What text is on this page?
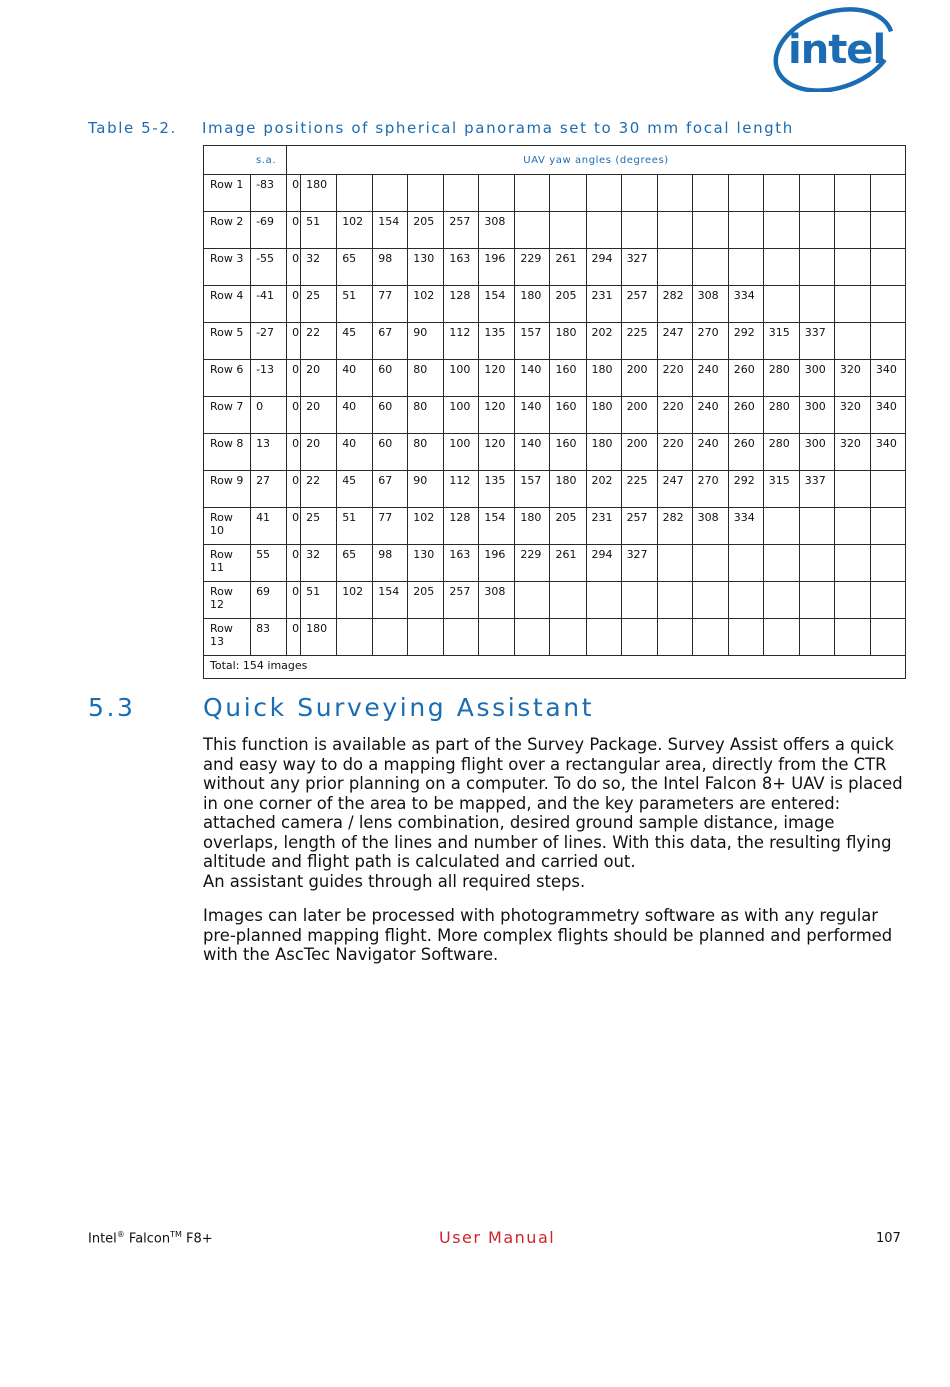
intel
Table 5-2. Image positions of spherical panorama set to 30 mm focal length
s.a.		UAV yaw angles (degrees)																	
Row 1	-83	0	180																
Row 2	-69	0	51	102	154	205	257	308											
Row 3	-55	0	32	65	98	130	163	196	229	261	294	327							
Row 4	-41	0	25	51	77	102	128	154	180	205	231	257	282	308	334				
Row 5	-27	0	22	45	67	90	112	135	157	180	202	225	247	270	292	315	337		
Row 6	-13	0	20	40	60	80	100	120	140	160	180	200	220	240	260	280	300	320	340
Row 7	0	0	20	40	60	80	100	120	140	160	180	200	220	240	260	280	300	320	340
Row 8	13	0	20	40	60	80	100	120	140	160	180	200	220	240	260	280	300	320	340
Row 9	27	0	22	45	67	90	112	135	157	180	202	225	247	270	292	315	337		
Row 10	41	0	25	51	77	102	128	154	180	205	231	257	282	308	334				
Row 11	55	0	32	65	98	130	163	196	229	261	294	327							
Row 12	69	0	51	102	154	205	257	308											
Row 13	83	0	180																
Total: 154 images																			
5.3	Quick Surveying Assistant
This function is available as part of the Survey Package. Survey Assist offers a quick and easy way to do a mapping flight over a rectangular area, directly from the CTR without any prior planning on a computer. To do so, the Intel Falcon 8+ UAV is placed in one corner of the area to be mapped, and the key parameters are entered: attached camera / lens combination, desired ground sample distance, image overlaps, length of the lines and number of lines. With this data, the resulting flying altitude and flight path is calculated and carried out.
An assistant guides through all required steps.
Images can later be processed with photogrammetry software as with any regular pre-planned mapping flight. More complex flights should be planned and performed with the AscTec Navigator Software.
Intel® Falcon™ F8+	User Manual	107
